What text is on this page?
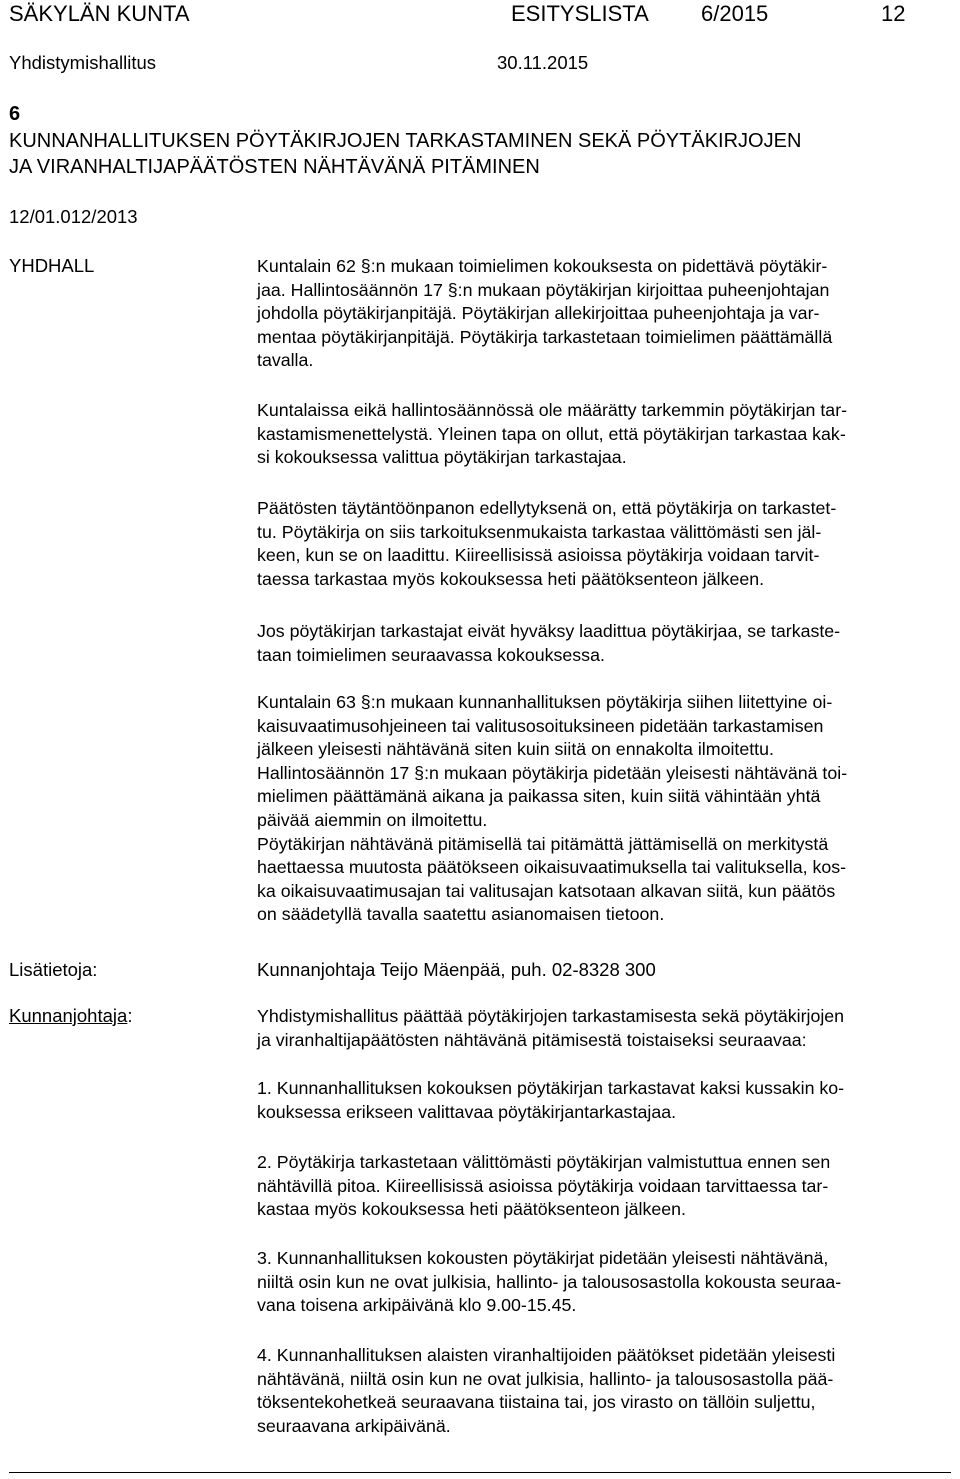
SÄKYLÄN KUNTA	ESITYSLISTA 6/2015	12
Yhdistymishallitus	30.11.2015
6
KUNNANHALLITUKSEN PÖYTÄKIRJOJEN TARKASTAMINEN SEKÄ PÖYTÄKIRJOJEN
JA VIRANHALTIJAPÄÄTÖSTEN NÄHTÄVÄNÄ PITÄMINEN
12/01.012/2013
YHDHALL	Kuntalain 62 §:n mukaan toimielimen kokouksesta on pidettävä pöytäkir-
jaa. Hallintosäännön 17 §:n mukaan pöytäkirjan kirjoittaa puheenjohtajan
johdolla pöytäkirjanpitäjä. Pöytäkirjan allekirjoittaa puheenjohtaja ja var-
mentaa pöytäkirjanpitäjä. Pöytäkirja tarkastetaan toimielimen päättämällä
tavalla.
Kuntalaissa eikä hallintosäännössä ole määrätty tarkemmin pöytäkirjan tar-
kastamismenettelystä. Yleinen tapa on ollut, että pöytäkirjan tarkastaa kak-
si kokouksessa valittua pöytäkirjan tarkastajaa.
Päätösten täytäntöönpanon edellytyksenä on, että pöytäkirja on tarkastet-
tu. Pöytäkirja on siis tarkoituksenmukaista tarkastaa välittömästi sen jäl-
keen, kun se on laadittu. Kiireellisissä asioissa pöytäkirja voidaan tarvit-
taessa tarkastaa myös kokouksessa heti päätöksenteon jälkeen.
Jos pöytäkirjan tarkastajat eivät hyväksy laadittua pöytäkirjaa, se tarkaste-
taan toimielimen seuraavassa kokouksessa.
Kuntalain 63 §:n mukaan kunnanhallituksen pöytäkirja siihen liitettyine oi-
kaisuvaatimusohjeineen tai valitusosoituksineen pidetään tarkastamisen
jälkeen yleisesti nähtävänä siten kuin siitä on ennakolta ilmoitettu.
Hallintosäännön 17 §:n mukaan pöytäkirja pidetään yleisesti nähtävänä toi-
mielimen päättämänä aikana ja paikassa siten, kuin siitä vähintään yhtä
päivää aiemmin on ilmoitettu.
Pöytäkirjan nähtävänä pitämisellä tai pitämättä jättämisellä on merkitystä
haettaessa muutosta päätökseen oikaisuvaatimuksella tai valituksella, kos-
ka oikaisuvaatimusajan tai valitusajan katsotaan alkavan siitä, kun päätös
on säädetyllä tavalla saatettu asianomaisen tietoon.
Lisätietoja:	Kunnanjohtaja Teijo Mäenpää, puh. 02-8328 300
Kunnanjohtaja:	Yhdistymishallitus päättää pöytäkirjojen tarkastamisesta sekä pöytäkirjojen
ja viranhaltijapäätösten nähtävänä pitämisestä toistaiseksi seuraavaa:
1. Kunnanhallituksen kokouksen pöytäkirjan tarkastavat kaksi kussakin ko-
kouksessa erikseen valittavaa pöytäkirjantarkastajaa.
2. Pöytäkirja tarkastetaan välittömästi pöytäkirjan valmistuttua ennen sen
nähtävillä pitoa. Kiireellisissä asioissa pöytäkirja voidaan tarvittaessa tar-
kastaa myös kokouksessa heti päätöksenteon jälkeen.
3. Kunnanhallituksen kokousten pöytäkirjat pidetään yleisesti nähtävänä,
niiltä osin kun ne ovat julkisia, hallinto- ja talousosastolla kokousta seuraa-
vana toisena arkipäivänä klo 9.00-15.45.
4. Kunnanhallituksen alaisten viranhaltijoiden päätökset pidetään yleisesti
nähtävänä, niiltä osin kun ne ovat julkisia, hallinto- ja talousosastolla pää-
töksentekohetkeä seuraavana tiistaina tai, jos virasto on tällöin suljettu,
seuraavana arkipäivänä.
